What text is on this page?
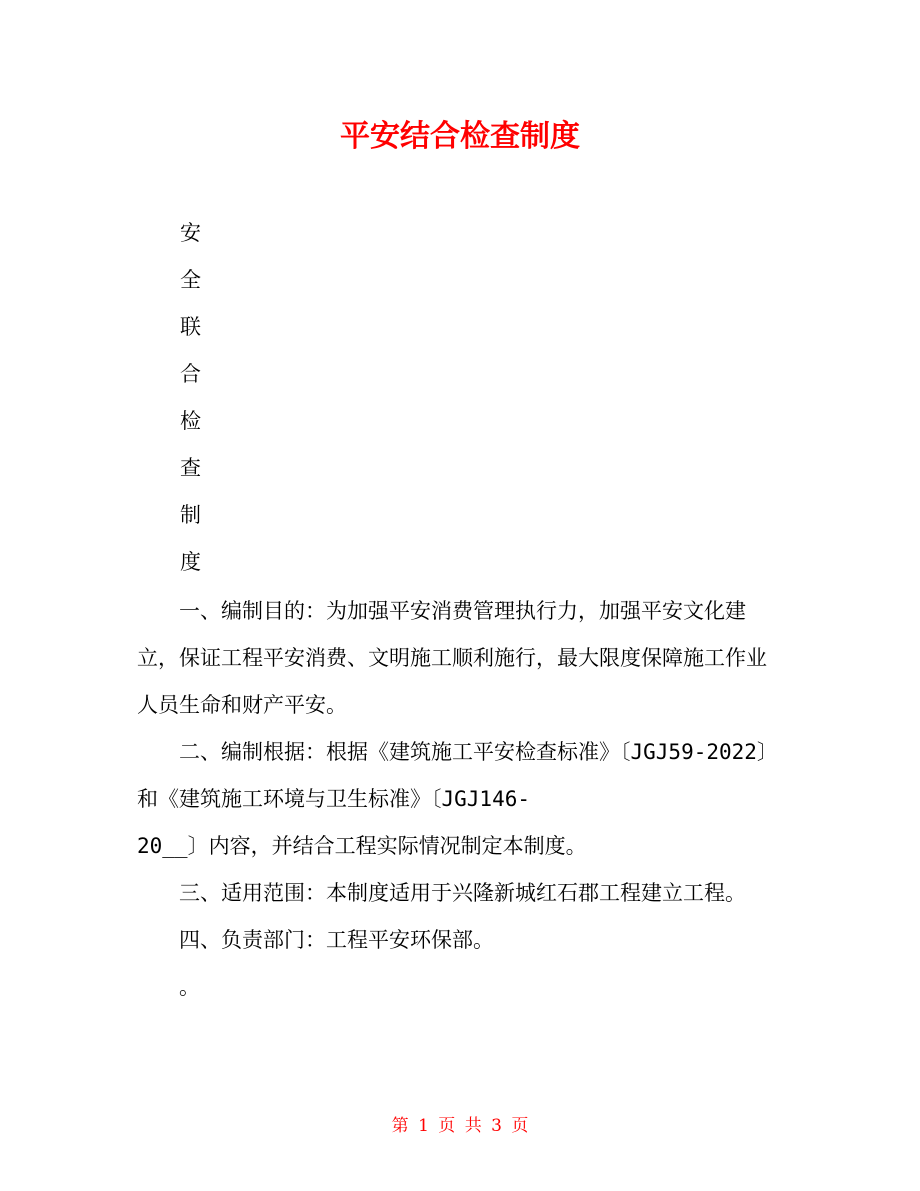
平安结合检查制度
安
全
联
合
检
查
制
度

一、编制目的：为加强平安消费管理执行力，加强平安文化建立，保证工程平安消费、文明施工顺利施行，最大限度保障施工作业人员生命和财产平安。

二、编制根据：根据《建筑施工平安检查标准》〔JGJ59-2022〕和《建筑施工环境与卫生标准》〔JGJ146-

20__〕内容，并结合工程实际情况制定本制度。

三、适用范围：本制度适用于兴隆新城红石郡工程建立工程。

四、负责部门：工程平安环保部。

。

第 1 页 共 3 页
